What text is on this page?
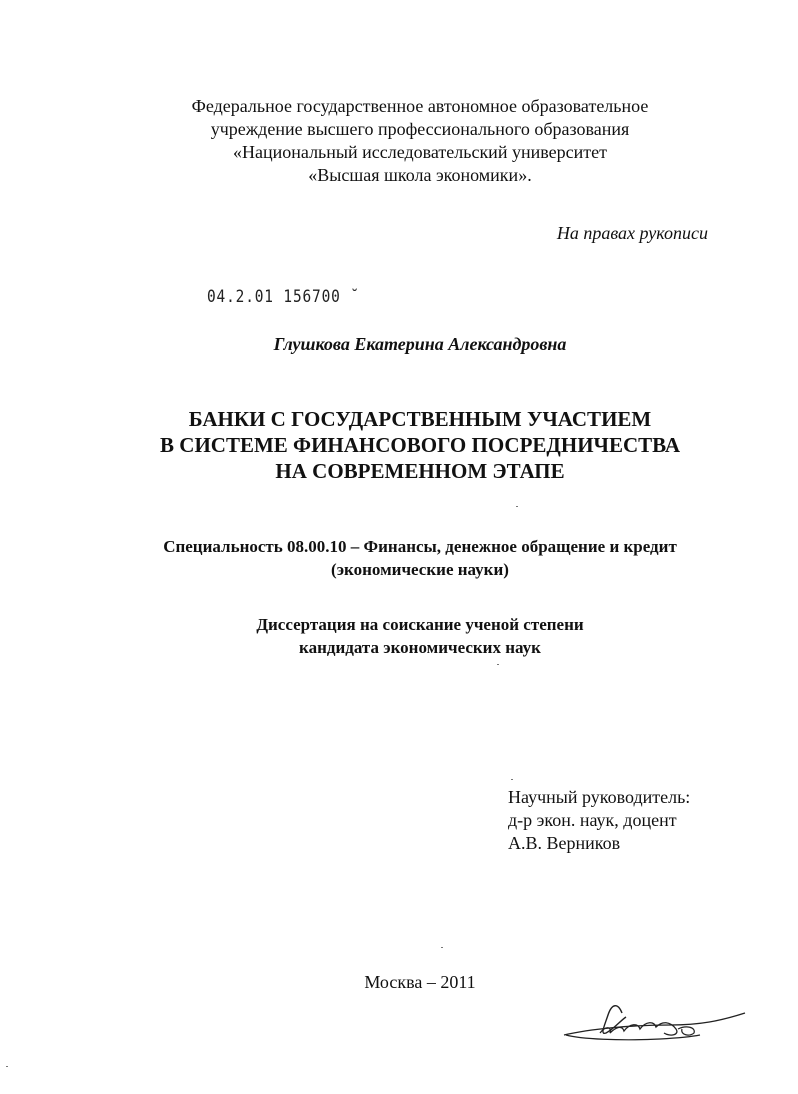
Федеральное государственное автономное образовательное
учреждение высшего профессионального образования
«Национальный исследовательский университет
«Высшая школа экономики».
На правах рукописи
04.2.01 156700 ˘
Глушкова Екатерина Александровна
БАНКИ С ГОСУДАРСТВЕННЫМ УЧАСТИЕМ
В СИСТЕМЕ ФИНАНСОВОГО ПОСРЕДНИЧЕСТВА
НА СОВРЕМЕННОМ ЭТАПЕ
Специальность 08.00.10 – Финансы, денежное обращение и кредит
(экономические науки)
Диссертация на соискание ученой степени
кандидата экономических наук
Научный руководитель:
д-р экон. наук, доцент
А.В. Верников
Москва – 2011
